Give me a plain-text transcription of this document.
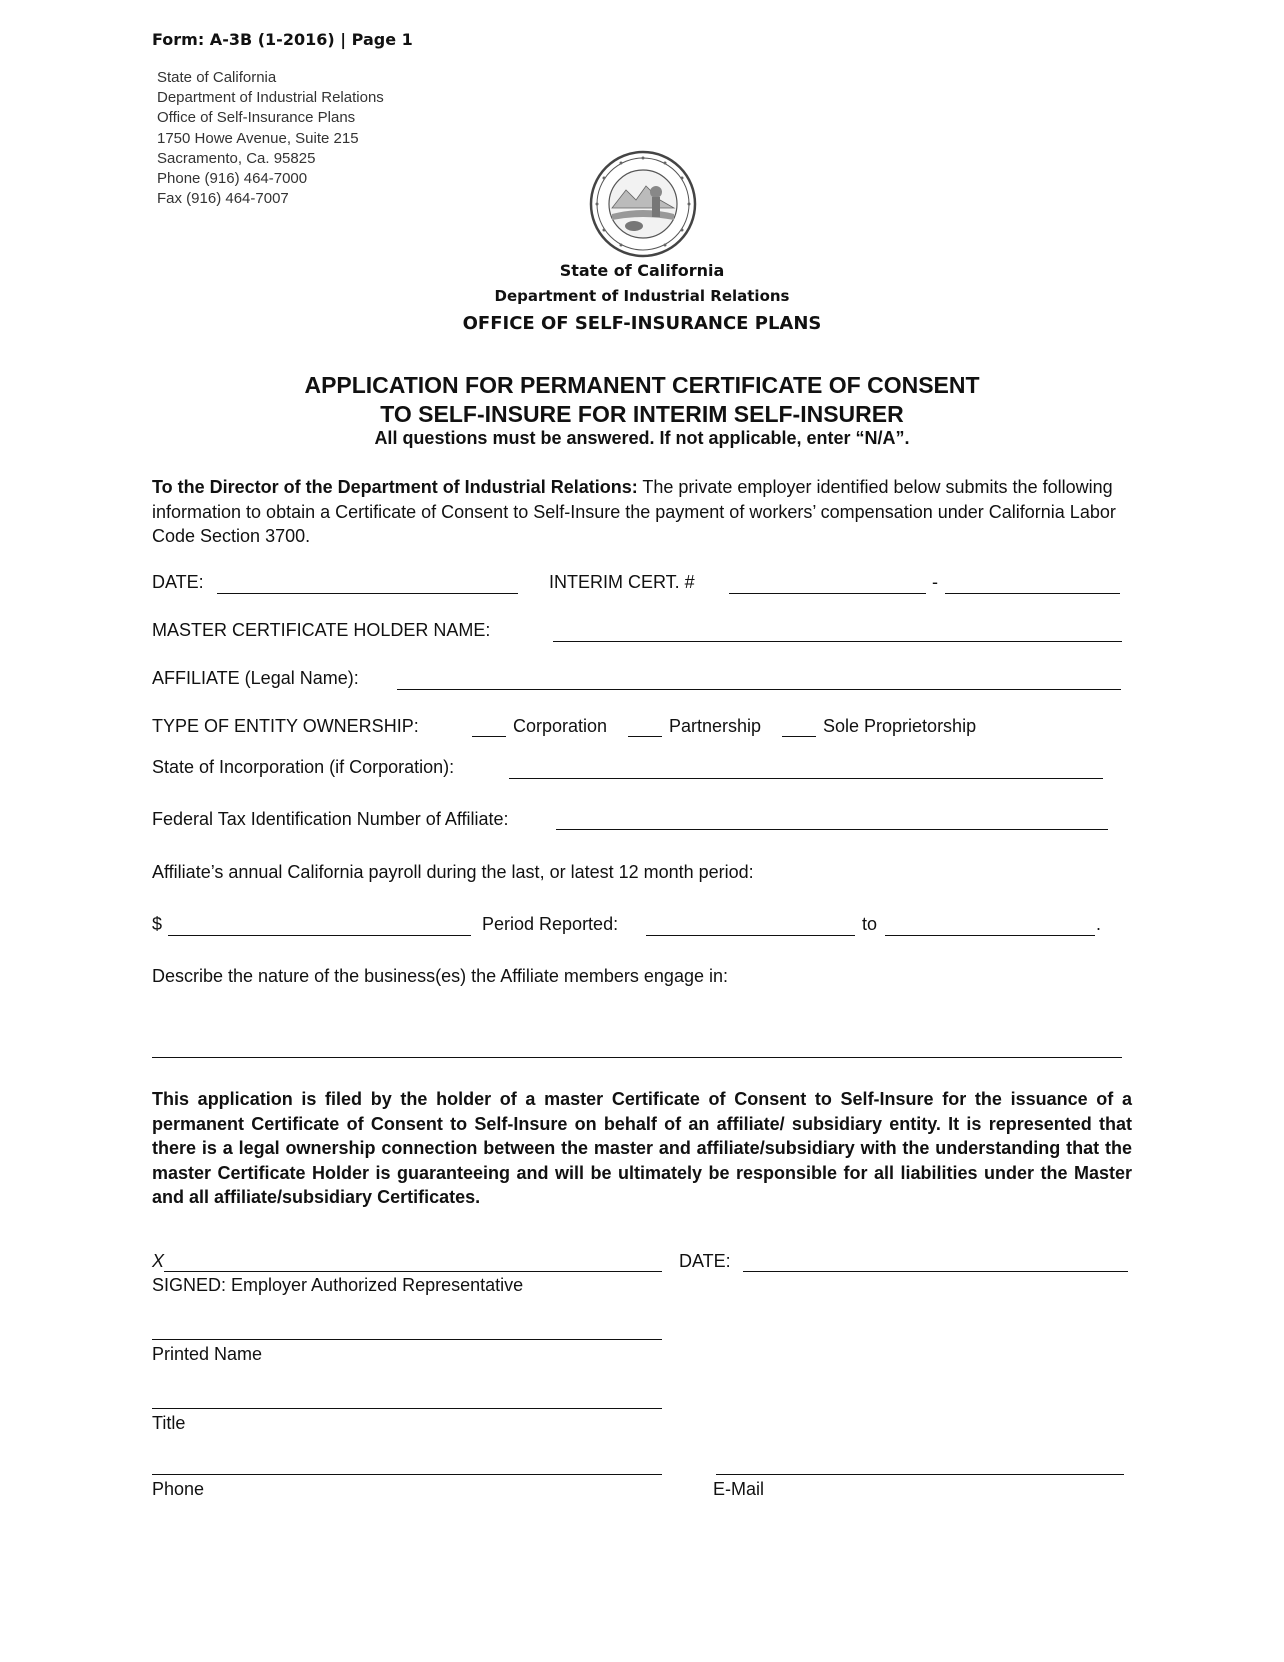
Form: A-3B (1-2016) | Page 1
State of California
Department of Industrial Relations
Office of Self-Insurance Plans
1750 Howe Avenue, Suite 215
Sacramento, Ca. 95825
Phone (916) 464-7000
Fax (916) 464-7007
State of California
Department of Industrial Relations
OFFICE OF SELF-INSURANCE PLANS
APPLICATION FOR PERMANENT CERTIFICATE OF CONSENT
TO SELF-INSURE FOR INTERIM SELF-INSURER
All questions must be answered. If not applicable, enter “N/A”.
To the Director of the Department of Industrial Relations: The private employer identified below submits the following information to obtain a Certificate of Consent to Self-Insure the payment of workers’ compensation under California Labor Code Section 3700.
DATE:	INTERIM CERT. #	-
MASTER CERTIFICATE HOLDER NAME:
AFFILIATE (Legal Name):
TYPE OF ENTITY OWNERSHIP:	Corporation	Partnership	Sole Proprietorship
State of Incorporation (if Corporation):
Federal Tax Identification Number of Affiliate:
Affiliate’s annual California payroll during the last, or latest 12 month period:
$	Period Reported:	to	.
Describe the nature of the business(es) the Affiliate members engage in:
This application is filed by the holder of a master Certificate of Consent to Self-Insure for the issuance of a permanent Certificate of Consent to Self-Insure on behalf of an affiliate/ subsidiary entity. It is represented that there is a legal ownership connection between the master and affiliate/subsidiary with the understanding that the master Certificate Holder is guaranteeing and will be ultimately be responsible for all liabilities under the Master and all affiliate/subsidiary Certificates.
X
SIGNED: Employer Authorized Representative
DATE:
Printed Name
Title
Phone	E-Mail
